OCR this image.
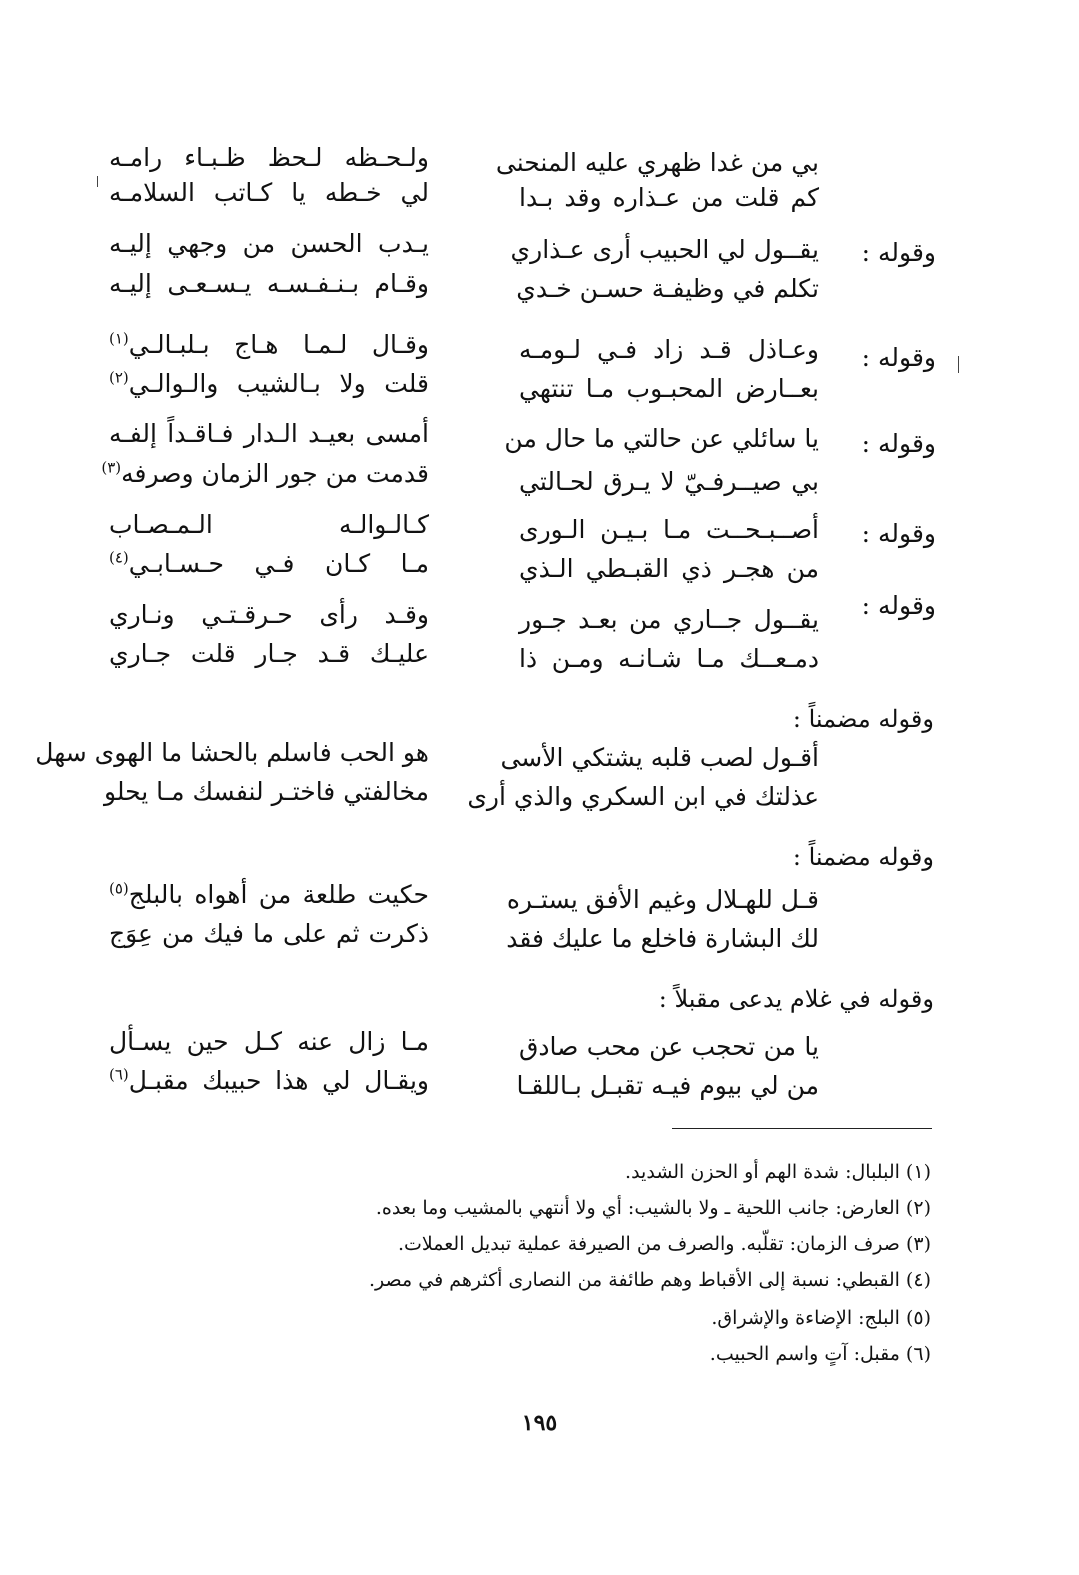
بي من غدا ظهري عليه المنحنى
ولـحـظه لـحظ ظـبـاء رامـه
كم قلت من عـذاره وقد بـدا
لي خـطه يا كـاتب السلامـه
وقوله :
يقــول لي الحبيب أرى عـذاري
يـدب الحسن من وجهي إليـه
تكلم في وظيفـة حسـن خـدي
وقـام بـنـفـسـه يـسـعـى إليـه
وقوله :
وعـاذل قـد زاد فـي لـومـه
وقـال لـمـا هـاج بـلبـالـي$^{(١)}$
بعــارض المحبـوب مـا تنتهي
قلت ولا بـالشيب والـوالـي$^{(٢)}$
وقوله :
يا سائلي عن حالتي ما حال من
أمسى بعيـد الـدار فـاقـداً إلفـه
بي صيــرفـيّ لا يـرق لحـالتي
قدمت من جور الزمان وصرفه$^{(٣)}$
وقوله :
أصــبـحــت مـا بـيـن الـورى
كـالـوالـه الـمـصـاب
من هجـر ذي القبـطي الـذي
مـا كـان فـي حـسـابـي$^{(٤)}$
وقوله :
يقــول جــاري من بعـد جـور
وقـد رأى حـرقـتـي ونـاري
دمـعــك مـا شـانـه ومـن ذا
عليـك قـد جـار قلت جـاري
وقوله مضمناً :
أقـول لصب قلبه يشتكي الأسى
هو الحب فاسلم بالحشا ما الهوى سهل
عذلتك في ابن السكري والذي أرى
مخالفتي فاختـر لنفسك مـا يحلو
وقوله مضمناً :
قـل للهـلال وغيم الأفق يستـره
حكيت طلعة من أهواه بالبلج$^{(٥)}$
لك البشارة فاخلع ما عليك فقد
ذكرت ثم على ما فيك من عِوَج
وقوله في غلام يدعى مقبلاً :
يا من تحجب عن محب صادق
مـا زال عنه كـل حين يسـأل
من لي بيوم فيـه تقبـل بـاللقـا
ويقـال لي هذا حبيبك مقبـل$^{(٦)}$
(١) البلبال: شدة الهم أو الحزن الشديد.
(٢) العارض: جانب اللحية ـ ولا بالشيب: أي ولا أنتهي بالمشيب وما بعده.
(٣) صرف الزمان: تقلّبه. والصرف من الصيرفة عملية تبديل العملات.
(٤) القبطي: نسبة إلى الأقباط وهم طائفة من النصارى أكثرهم في مصر.
(٥) البلج: الإضاءة والإشراق.
(٦) مقبل: آتٍ واسم الحبيب.
١٩٥
